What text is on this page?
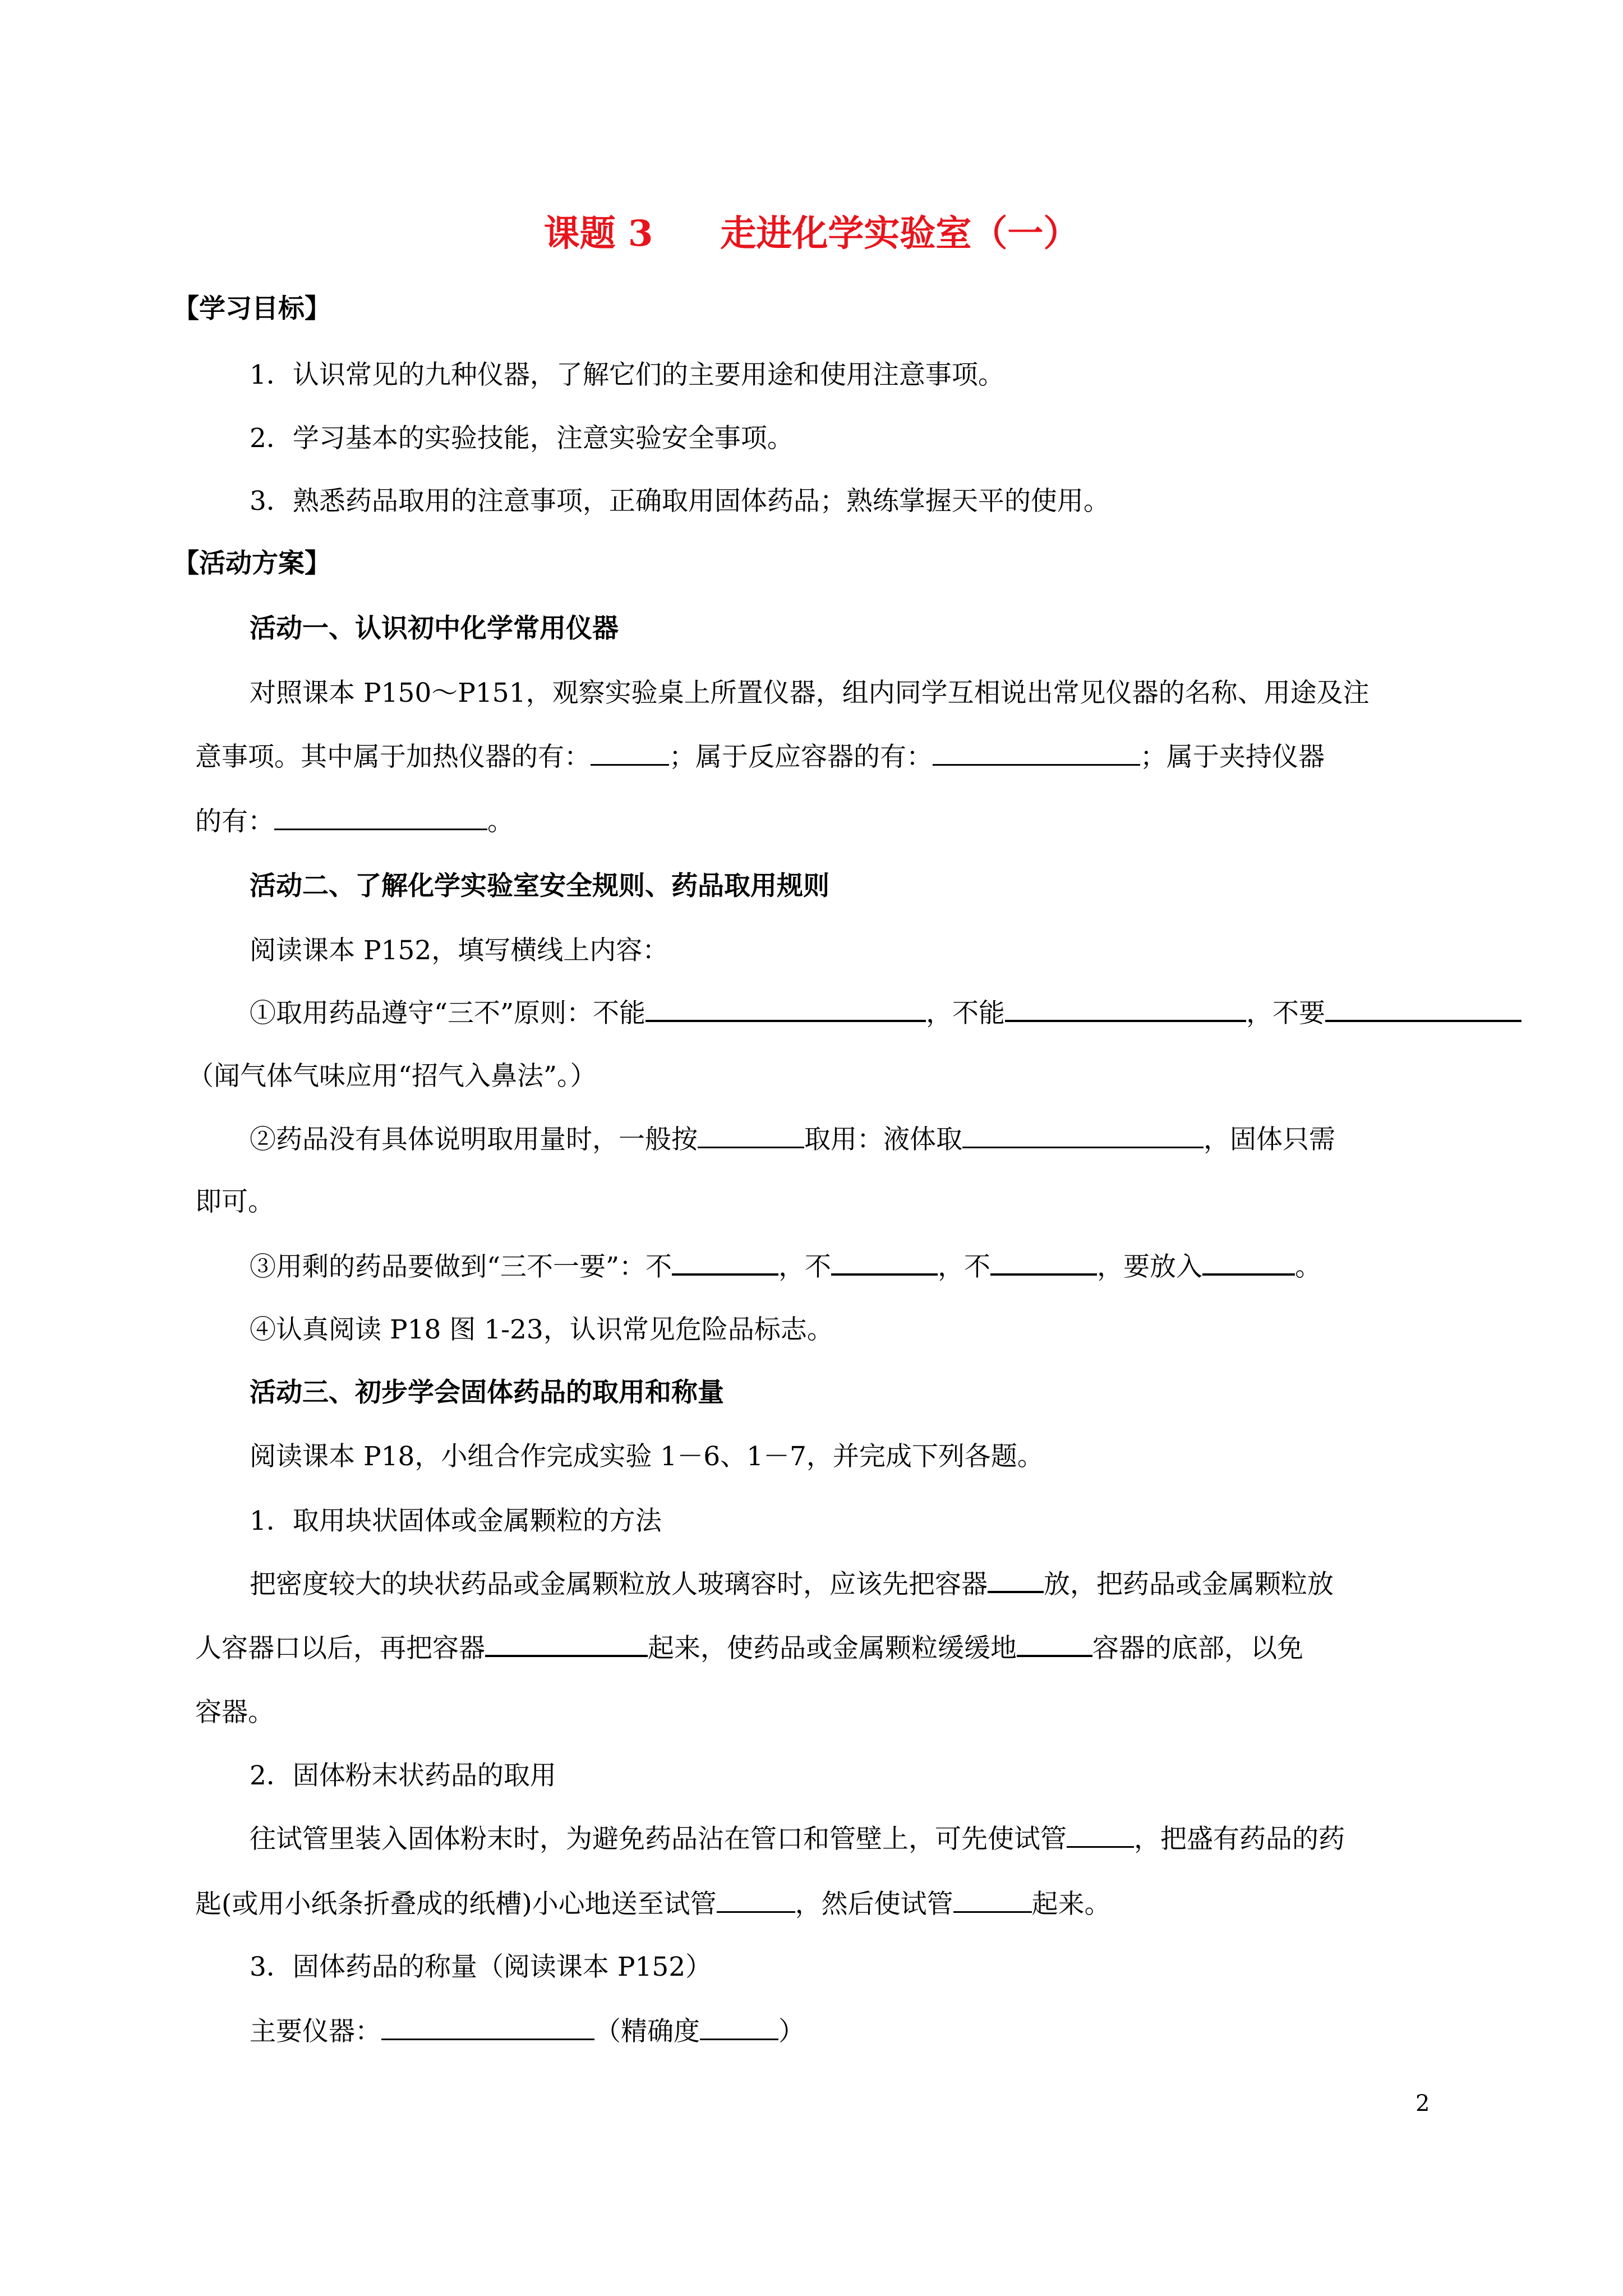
课题 3 走进化学实验室（一）
【学习目标】
1．认识常见的九种仪器，了解它们的主要用途和使用注意事项。
2．学习基本的实验技能，注意实验安全事项。
3．熟悉药品取用的注意事项，正确取用固体药品；熟练掌握天平的使用。
【活动方案】
活动一、认识初中化学常用仪器
对照课本 P150～P151，观察实验桌上所置仪器，组内同学互相说出常见仪器的名称、用途及注
意事项。其中属于加热仪器的有：	；属于反应容器的有：	；属于夹持仪器
的有：	。
活动二、了解化学实验室安全规则、药品取用规则
阅读课本 P152，填写横线上内容：
①取用药品遵守“三不”原则：不能	，不能	，不要
（闻气体气味应用“招气入鼻法”。）
②药品没有具体说明取用量时，一般按	取用：液体取	，固体只需
即可。
③用剩的药品要做到“三不一要”：不	，不	，不	，要放入	。
④认真阅读 P18 图 1-23，认识常见危险品标志。
活动三、初步学会固体药品的取用和称量
阅读课本 P18，小组合作完成实验 1－6、1－7，并完成下列各题。
1．取用块状固体或金属颗粒的方法
把密度较大的块状药品或金属颗粒放人玻璃容时，应该先把容器 放，把药品或金属颗粒放
人容器口以后，再把容器	起来，使药品或金属颗粒缓缓地	容器的底部，以免
容器。
2．固体粉末状药品的取用
往试管里装入固体粉末时，为避免药品沾在管口和管壁上，可先使试管	，把盛有药品的药
匙(或用小纸条折叠成的纸槽)小心地送至试管	，然后使试管	起来。
3．固体药品的称量（阅读课本 P152）
主要仪器：	（精确度	）
2
